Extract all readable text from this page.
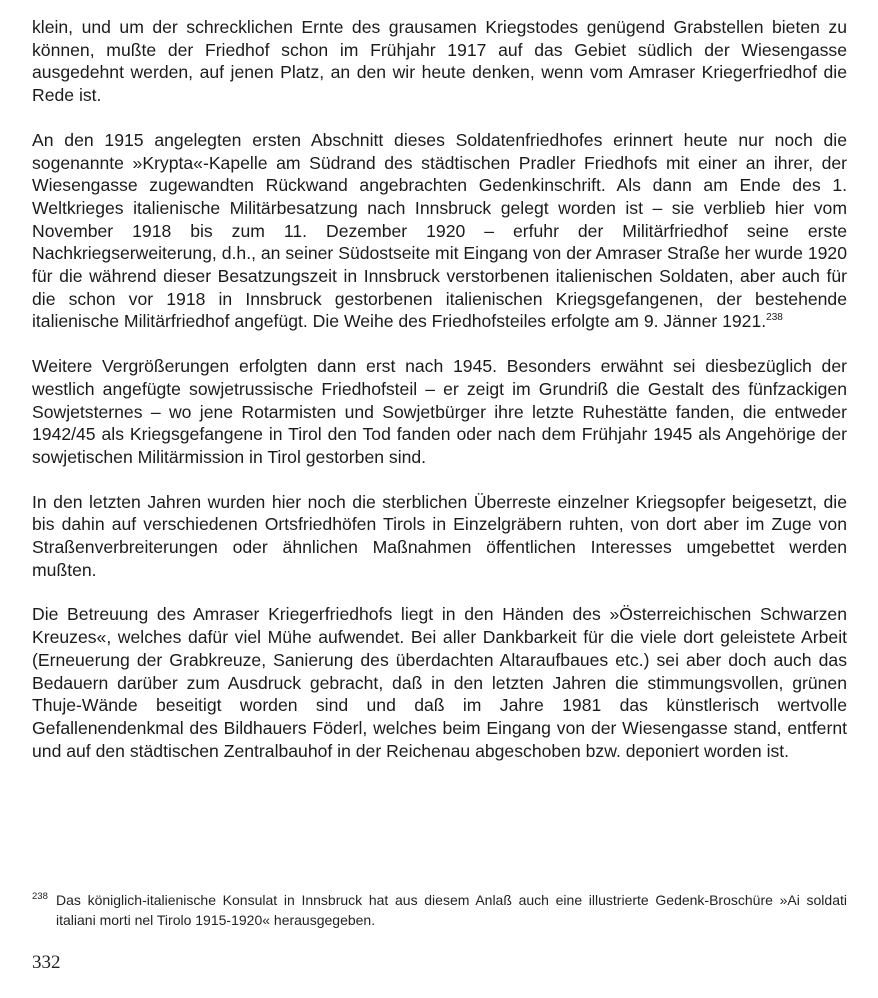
klein, und um der schrecklichen Ernte des grausamen Kriegstodes genügend Grabstellen bieten zu können, mußte der Friedhof schon im Frühjahr 1917 auf das Gebiet südlich der Wiesengasse ausgedehnt werden, auf jenen Platz, an den wir heute denken, wenn vom Amraser Kriegerfriedhof die Rede ist.

An den 1915 angelegten ersten Abschnitt dieses Soldatenfriedhofes erinnert heute nur noch die sogenannte »Krypta«-Kapelle am Südrand des städtischen Pradler Friedhofs mit einer an ihrer, der Wiesengasse zugewandten Rückwand angebrachten Gedenkinschrift. Als dann am Ende des 1. Weltkrieges italienische Militärbesatzung nach Innsbruck gelegt worden ist – sie verblieb hier vom November 1918 bis zum 11. Dezember 1920 – erfuhr der Militärfriedhof seine erste Nachkriegserweiterung, d.h., an seiner Südostseite mit Eingang von der Amraser Straße her wurde 1920 für die während dieser Besatzungszeit in Innsbruck verstorbenen italienischen Soldaten, aber auch für die schon vor 1918 in Innsbruck gestorbenen italienischen Kriegsgefangenen, der bestehende italienische Militärfriedhof angefügt. Die Weihe des Friedhofsteiles erfolgte am 9. Jänner 1921.$^{238}$

Weitere Vergrößerungen erfolgten dann erst nach 1945. Besonders erwähnt sei diesbezüglich der westlich angefügte sowjetrussische Friedhofsteil – er zeigt im Grundriß die Gestalt des fünfzackigen Sowjetsternes – wo jene Rotarmisten und Sowjetbürger ihre letzte Ruhestätte fanden, die entweder 1942/45 als Kriegsgefangene in Tirol den Tod fanden oder nach dem Frühjahr 1945 als Angehörige der sowjetischen Militärmission in Tirol gestorben sind.

In den letzten Jahren wurden hier noch die sterblichen Überreste einzelner Kriegsopfer beigesetzt, die bis dahin auf verschiedenen Ortsfriedhöfen Tirols in Einzelgräbern ruhten, von dort aber im Zuge von Straßenverbreiterungen oder ähnlichen Maßnahmen öffentlichen Interesses umgebettet werden mußten.

Die Betreuung des Amraser Kriegerfriedhofs liegt in den Händen des »Österreichischen Schwarzen Kreuzes«, welches dafür viel Mühe aufwendet. Bei aller Dankbarkeit für die viele dort geleistete Arbeit (Erneuerung der Grabkreuze, Sanierung des überdachten Altaraufbaues etc.) sei aber doch auch das Bedauern darüber zum Ausdruck gebracht, daß in den letzten Jahren die stimmungsvollen, grünen Thuje-Wände beseitigt worden sind und daß im Jahre 1981 das künstlerisch wertvolle Gefallenendenkmal des Bildhauers Föderl, welches beim Eingang von der Wiesengasse stand, entfernt und auf den städtischen Zentralbauhof in der Reichenau abgeschoben bzw. deponiert worden ist.

238 Das königlich-italienische Konsulat in Innsbruck hat aus diesem Anlaß auch eine illustrierte Gedenk-Broschüre »Ai soldati italiani morti nel Tirolo 1915-1920« herausgegeben.
332
